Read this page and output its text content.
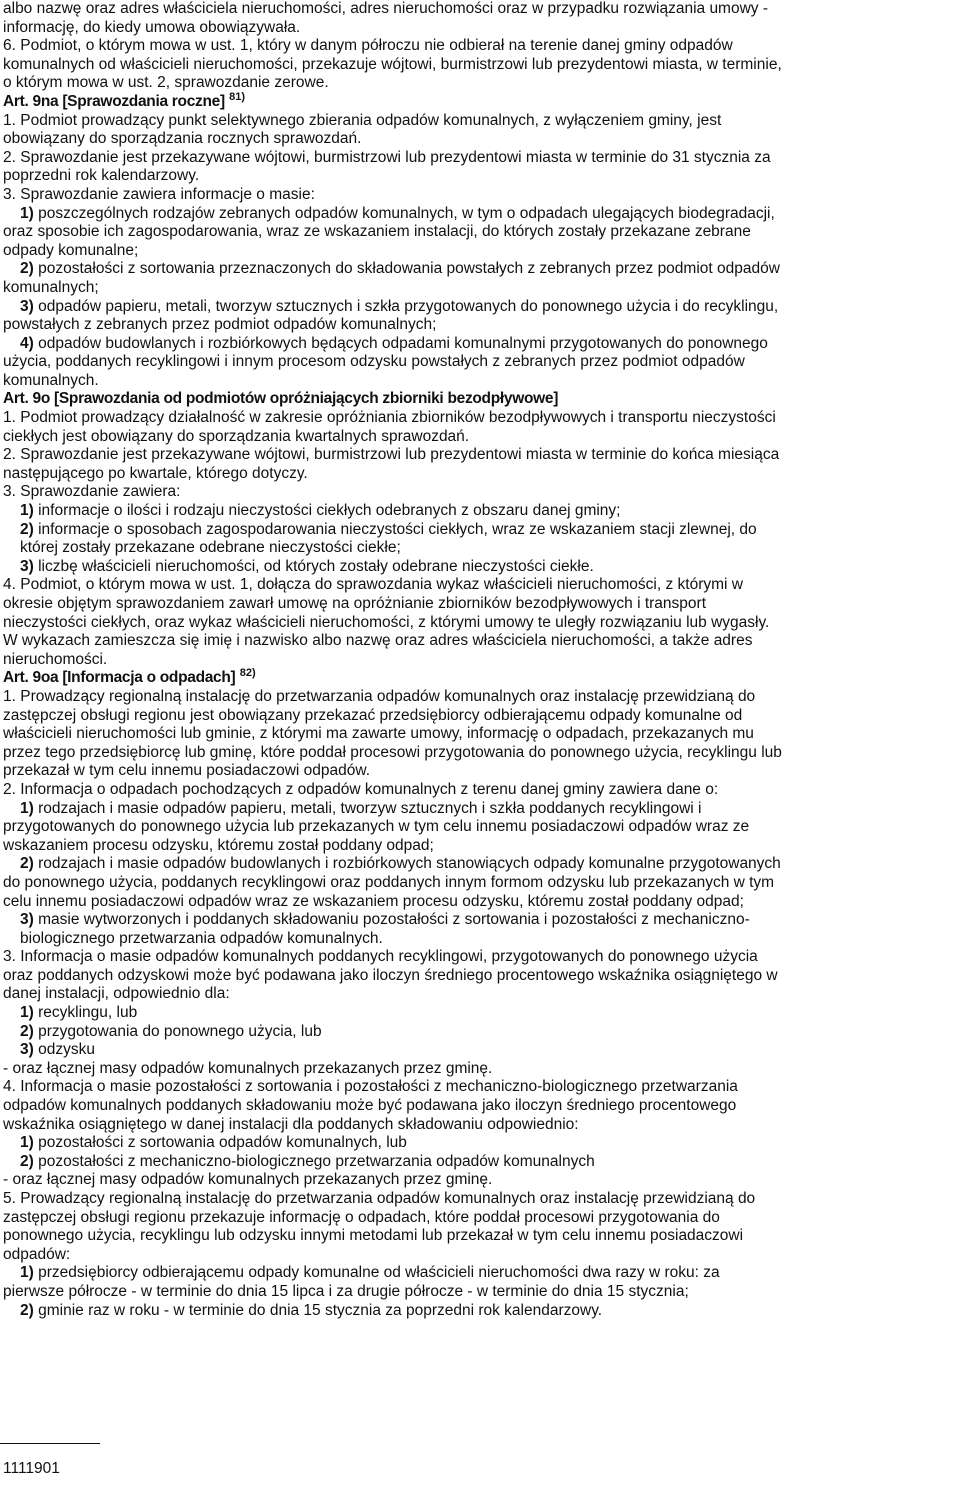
albo nazwę oraz adres właściciela nieruchomości, adres nieruchomości oraz w przypadku rozwiązania umowy -
informację, do kiedy umowa obowiązywała.
6. Podmiot, o którym mowa w ust. 1, który w danym półroczu nie odbierał na terenie danej gminy odpadów
komunalnych od właścicieli nieruchomości, przekazuje wójtowi, burmistrzowi lub prezydentowi miasta, w terminie,
o którym mowa w ust. 2, sprawozdanie zerowe.
Art. 9na [Sprawozdania roczne] $^{81)}$
1. Podmiot prowadzący punkt selektywnego zbierania odpadów komunalnych, z wyłączeniem gminy, jest
obowiązany do sporządzania rocznych sprawozdań.
2. Sprawozdanie jest przekazywane wójtowi, burmistrzowi lub prezydentowi miasta w terminie do 31 stycznia za
poprzedni rok kalendarzowy.
3. Sprawozdanie zawiera informacje o masie:
1) poszczególnych rodzajów zebranych odpadów komunalnych, w tym o odpadach ulegających biodegradacji,
oraz sposobie ich zagospodarowania, wraz ze wskazaniem instalacji, do których zostały przekazane zebrane
odpady komunalne;
2) pozostałości z sortowania przeznaczonych do składowania powstałych z zebranych przez podmiot odpadów
komunalnych;
3) odpadów papieru, metali, tworzyw sztucznych i szkła przygotowanych do ponownego użycia i do recyklingu,
powstałych z zebranych przez podmiot odpadów komunalnych;
4) odpadów budowlanych i rozbiórkowych będących odpadami komunalnymi przygotowanych do ponownego
użycia, poddanych recyklingowi i innym procesom odzysku powstałych z zebranych przez podmiot odpadów
komunalnych.
Art. 9o [Sprawozdania od podmiotów opróżniających zbiorniki bezodpływowe]
1. Podmiot prowadzący działalność w zakresie opróżniania zbiorników bezodpływowych i transportu nieczystości
ciekłych jest obowiązany do sporządzania kwartalnych sprawozdań.
2. Sprawozdanie jest przekazywane wójtowi, burmistrzowi lub prezydentowi miasta w terminie do końca miesiąca
następującego po kwartale, którego dotyczy.
3. Sprawozdanie zawiera:
1) informacje o ilości i rodzaju nieczystości ciekłych odebranych z obszaru danej gminy;
2) informacje o sposobach zagospodarowania nieczystości ciekłych, wraz ze wskazaniem stacji zlewnej, do
której zostały przekazane odebrane nieczystości ciekłe;
3) liczbę właścicieli nieruchomości, od których zostały odebrane nieczystości ciekłe.
4. Podmiot, o którym mowa w ust. 1, dołącza do sprawozdania wykaz właścicieli nieruchomości, z którymi w
okresie objętym sprawozdaniem zawarł umowę na opróżnianie zbiorników bezodpływowych i transport
nieczystości ciekłych, oraz wykaz właścicieli nieruchomości, z którymi umowy te uległy rozwiązaniu lub wygasły.
W wykazach zamieszcza się imię i nazwisko albo nazwę oraz adres właściciela nieruchomości, a także adres
nieruchomości.
Art. 9oa [Informacja o odpadach] $^{82)}$
1. Prowadzący regionalną instalację do przetwarzania odpadów komunalnych oraz instalację przewidzianą do
zastępczej obsługi regionu jest obowiązany przekazać przedsiębiorcy odbierającemu odpady komunalne od
właścicieli nieruchomości lub gminie, z którymi ma zawarte umowy, informację o odpadach, przekazanych mu
przez tego przedsiębiorcę lub gminę, które poddał procesowi przygotowania do ponownego użycia, recyklingu lub
przekazał w tym celu innemu posiadaczowi odpadów.
2. Informacja o odpadach pochodzących z odpadów komunalnych z terenu danej gminy zawiera dane o:
1) rodzajach i masie odpadów papieru, metali, tworzyw sztucznych i szkła poddanych recyklingowi i
przygotowanych do ponownego użycia lub przekazanych w tym celu innemu posiadaczowi odpadów wraz ze
wskazaniem procesu odzysku, któremu został poddany odpad;
2) rodzajach i masie odpadów budowlanych i rozbiórkowych stanowiących odpady komunalne przygotowanych
do ponownego użycia, poddanych recyklingowi oraz poddanych innym formom odzysku lub przekazanych w tym
celu innemu posiadaczowi odpadów wraz ze wskazaniem procesu odzysku, któremu został poddany odpad;
3) masie wytworzonych i poddanych składowaniu pozostałości z sortowania i pozostałości z mechaniczno-
biologicznego przetwarzania odpadów komunalnych.
3. Informacja o masie odpadów komunalnych poddanych recyklingowi, przygotowanych do ponownego użycia
oraz poddanych odzyskowi może być podawana jako iloczyn średniego procentowego wskaźnika osiągniętego w
danej instalacji, odpowiednio dla:
1) recyklingu, lub
2) przygotowania do ponownego użycia, lub
3) odzysku
- oraz łącznej masy odpadów komunalnych przekazanych przez gminę.
4. Informacja o masie pozostałości z sortowania i pozostałości z mechaniczno-biologicznego przetwarzania
odpadów komunalnych poddanych składowaniu może być podawana jako iloczyn średniego procentowego
wskaźnika osiągniętego w danej instalacji dla poddanych składowaniu odpowiednio:
1) pozostałości z sortowania odpadów komunalnych, lub
2) pozostałości z mechaniczno-biologicznego przetwarzania odpadów komunalnych
- oraz łącznej masy odpadów komunalnych przekazanych przez gminę.
5. Prowadzący regionalną instalację do przetwarzania odpadów komunalnych oraz instalację przewidzianą do
zastępczej obsługi regionu przekazuje informację o odpadach, które poddał procesowi przygotowania do
ponownego użycia, recyklingu lub odzysku innymi metodami lub przekazał w tym celu innemu posiadaczowi
odpadów:
1) przedsiębiorcy odbierającemu odpady komunalne od właścicieli nieruchomości dwa razy w roku: za
pierwsze półrocze - w terminie do dnia 15 lipca i za drugie półrocze - w terminie do dnia 15 stycznia;
2) gminie raz w roku - w terminie do dnia 15 stycznia za poprzedni rok kalendarzowy.
1111901
